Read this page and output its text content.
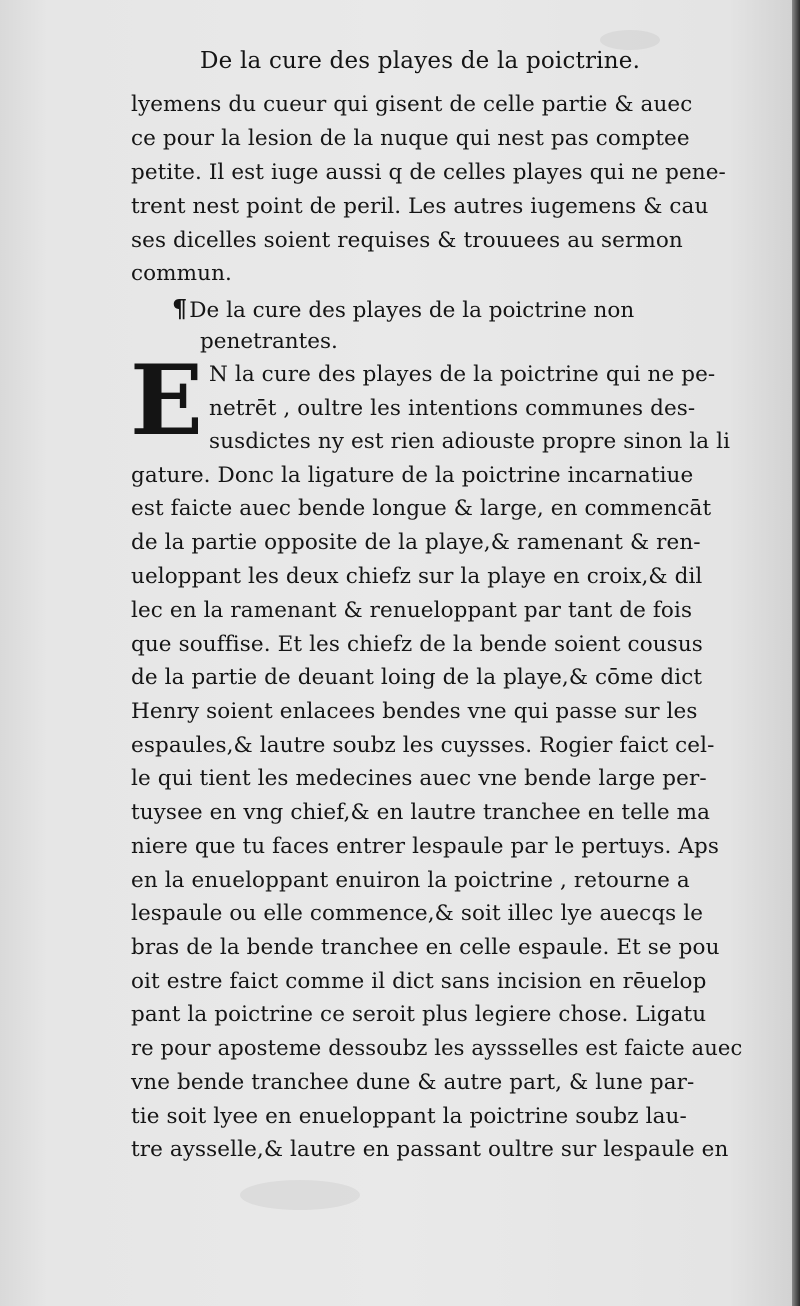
De la cure des playes de la poictrine.
lyemens du cueur qui gisent de celle partie & auec
ce pour la lesion de la nuque qui nest pas comptee
petite. Il est iuge aussi q de celles playes qui ne pene-
trent nest point de peril. Les autres iugemens & cau
ses dicelles soient requises & trouuees au sermon
commun.
¶De la cure des playes de la poictrine non
penetrantes.
E N la cure des playes de la poictrine qui ne pe-
netrēt , oultre les intentions communes des-
susdictes ny est rien adiouste propre sinon la li
gature. Donc la ligature de la poictrine incarnatiue
est faicte auec bende longue & large, en commencāt
de la partie opposite de la playe,& ramenant & ren-
ueloppant les deux chiefz sur la playe en croix,& dil
lec en la ramenant & renueloppant par tant de fois
que souffise. Et les chiefz de la bende soient cousus
de la partie de deuant loing de la playe,& cōme dict
Henry soient enlacees bendes vne qui passe sur les
espaules,& lautre soubz les cuysses. Rogier faict cel-
le qui tient les medecines auec vne bende large per-
tuysee en vng chief,& en lautre tranchee en telle ma
niere que tu faces entrer lespaule par le pertuys. Aps
en la enueloppant enuiron la poictrine , retourne a
lespaule ou elle commence,& soit illec lye auecqs le
bras de la bende tranchee en celle espaule. Et se pou
oit estre faict comme il dict sans incision en rēuelop
pant la poictrine ce seroit plus legiere chose. Ligatu
re pour aposteme dessoubz les ayssselles est faicte auec
vne bende tranchee dune & autre part, & lune par-
tie soit lyee en enueloppant la poictrine soubz lau-
tre aysselle,& lautre en passant oultre sur lespaule en
